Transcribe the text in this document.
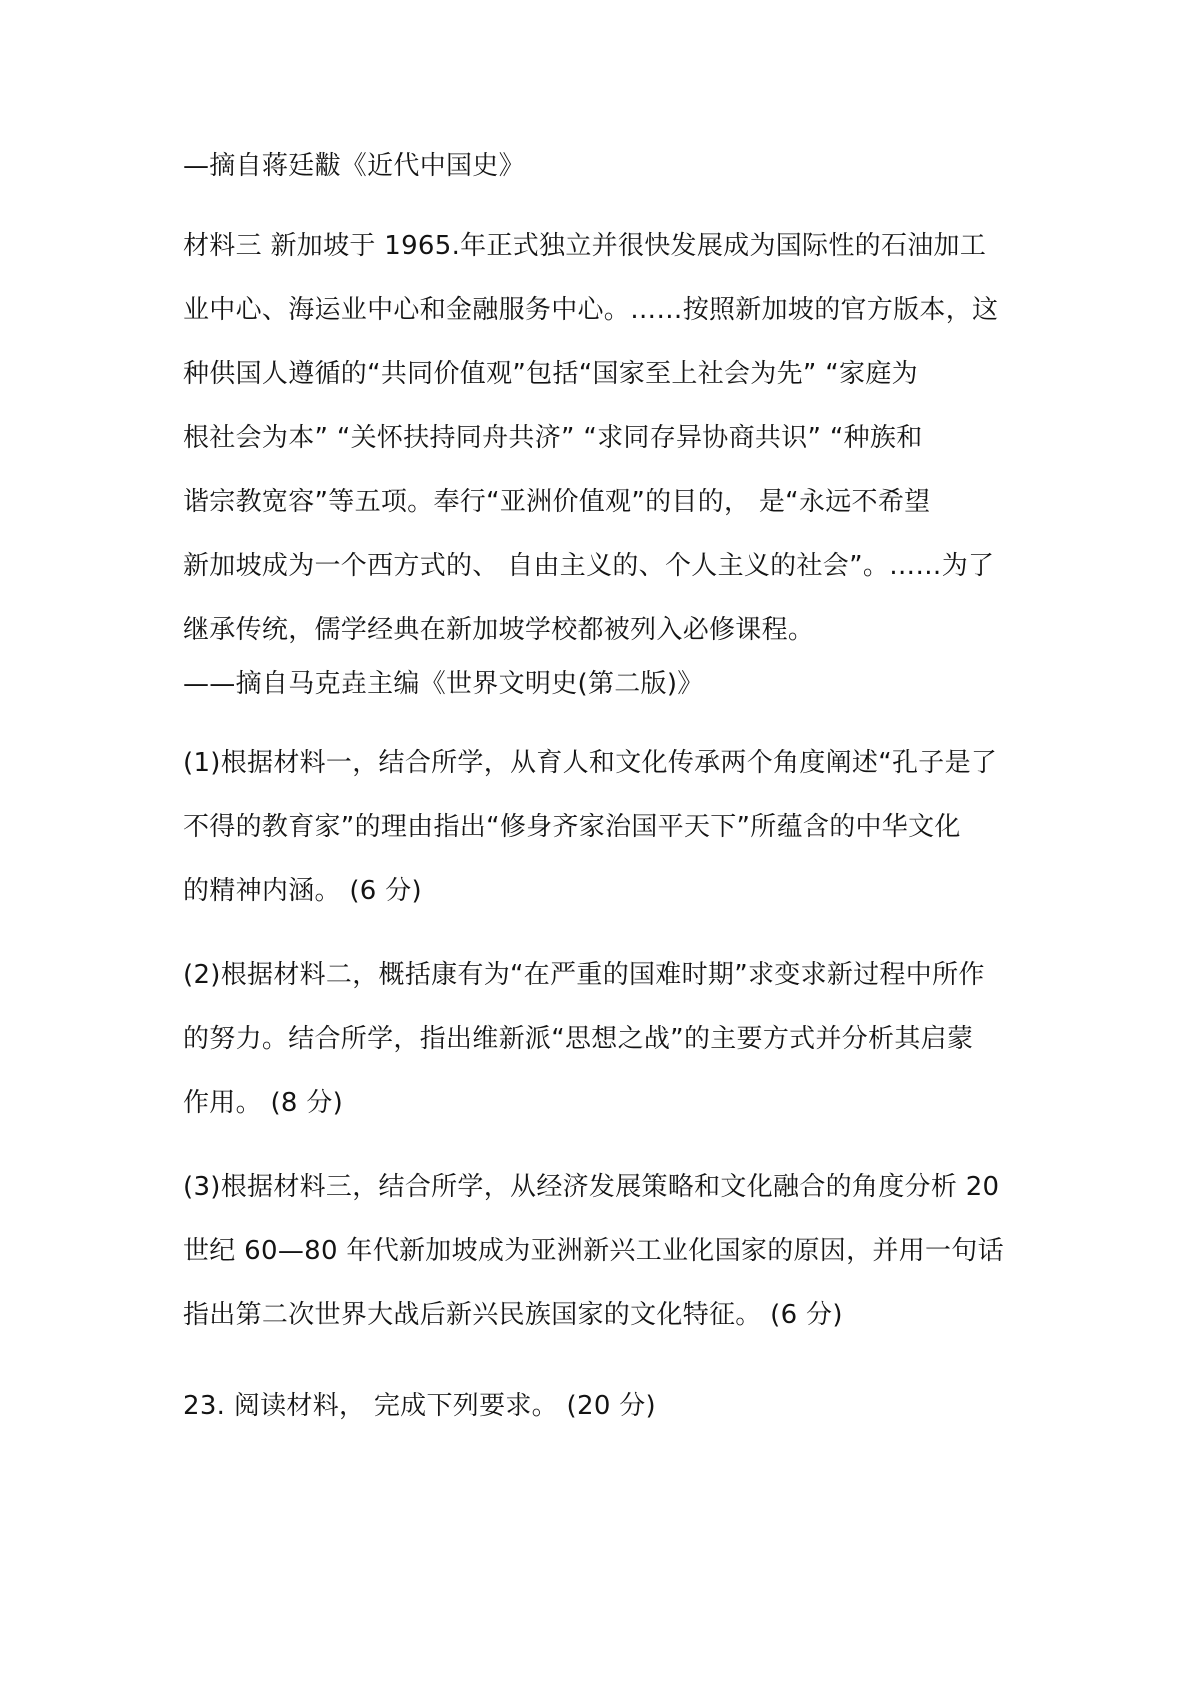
—摘自蒋廷黻《近代中国史》
材料三 新加坡于 1965.年正式独立并很快发展成为国际性的石油加工
业中心、海运业中心和金融服务中心。……按照新加坡的官方版本，这
种供国人遵循的“共同价值观”包括“国家至上社会为先” “家庭为
根社会为本” “关怀扶持同舟共济” “求同存异协商共识” “种族和
谐宗教宽容”等五项。奉行“亚洲价值观”的目的， 是“永远不希望
新加坡成为一个西方式的、 自由主义的、个人主义的社会”。……为了
继承传统，儒学经典在新加坡学校都被列入必修课程。
——摘自马克垚主编《世界文明史(第二版)》
(1)根据材料一，结合所学，从育人和文化传承两个角度阐述“孔子是了
不得的教育家”的理由指出“修身齐家治国平天下”所蕴含的中华文化
的精神内涵。 (6 分)
(2)根据材料二，概括康有为“在严重的国难时期”求变求新过程中所作
的努力。结合所学，指出维新派“思想之战”的主要方式并分析其启蒙
作用。 (8 分)
(3)根据材料三，结合所学，从经济发展策略和文化融合的角度分析 20
世纪 60—80 年代新加坡成为亚洲新兴工业化国家的原因，并用一句话
指出第二次世界大战后新兴民族国家的文化特征。 (6 分)
23. 阅读材料， 完成下列要求。 (20 分)
